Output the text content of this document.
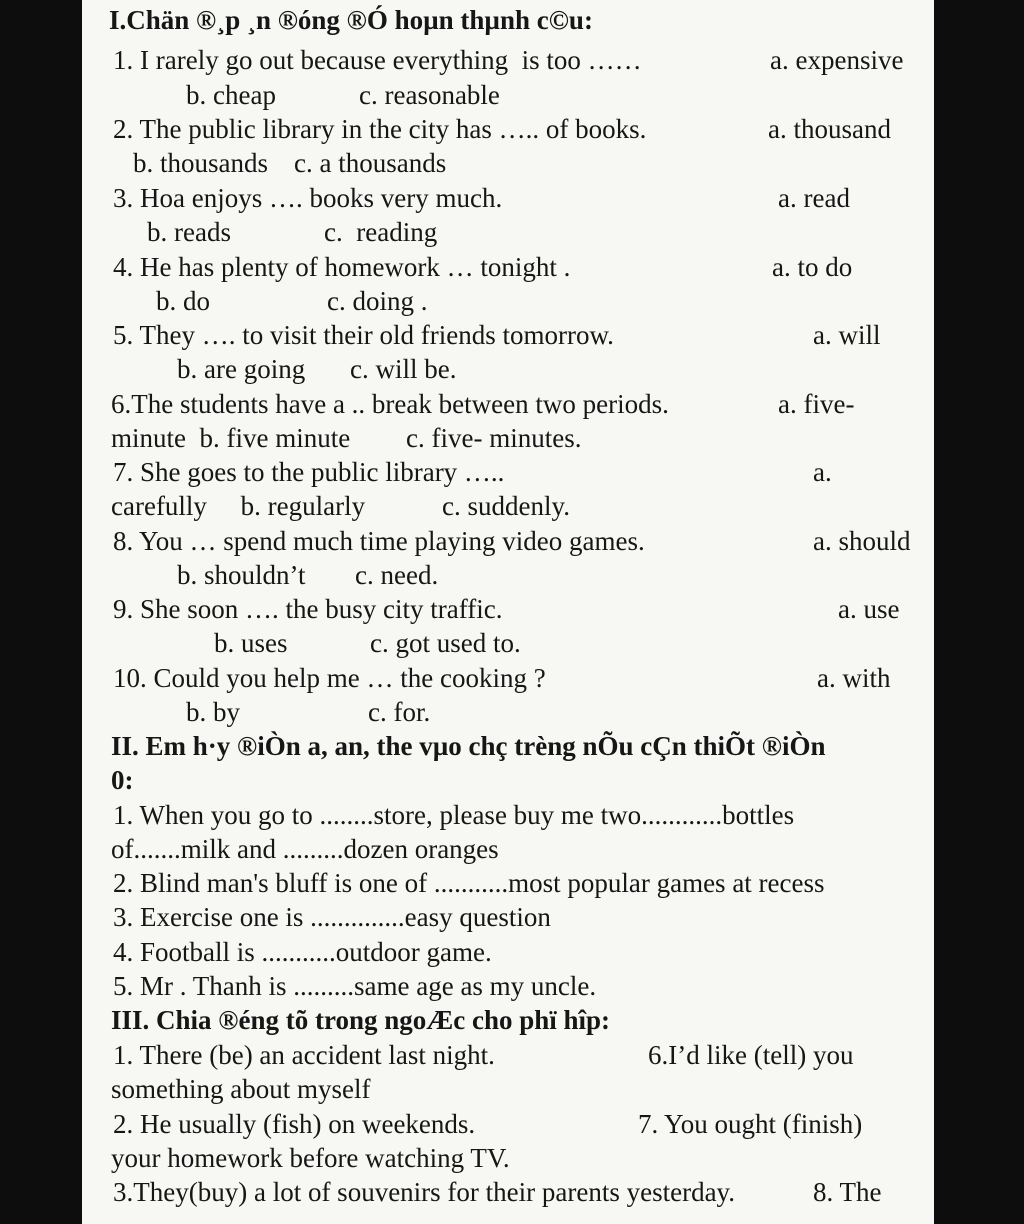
I.Chän ®¸p ¸n ®óng ®Ó hoµn thµnh c©u:
1. I rarely go out because everything  is too ……	a. expensive
b. cheap	c. reasonable
2. The public library in the city has ….. of books.	a. thousand
b. thousands c. a thousands
3. Hoa enjoys …. books very much.	a. read
b. reads	c.  reading
4. He has plenty of homework … tonight .	a. to do
b. do	c. doing .
5. They …. to visit their old friends tomorrow.	a. will
b. are going c. will be.
6.The students have a .. break between two periods.	a. five-
minute  b. five minute c. five- minutes.
7. She goes to the public library …..	a.
carefully     b. regularly	c. suddenly.
8. You … spend much time playing video games.	a. should
b. shouldn’t c. need.
9. She soon …. the busy city traffic.	a. use
b. uses	c. got used to.
10. Could you help me … the cooking ?	a. with
b. by	c. for.
II. Em h·y ®iÒn a, an, the vµo chç trèng nÕu cÇn thiÕt ®iÒn
0:
1. When you go to ........store, please buy me two............bottles
of.......milk and .........dozen oranges
2. Blind man's bluff is one of ...........most popular games at recess
3. Exercise one is ..............easy question
4. Football is ...........outdoor game.
5. Mr . Thanh is .........same age as my uncle.
III. Chia ®éng tõ trong ngoÆc cho phï hîp:
1. There (be) an accident last night.	6.I’d like (tell) you
something about myself
2. He usually (fish) on weekends.	7. You ought (finish)
your homework before watching TV.
3.They(buy) a lot of souvenirs for their parents yesterday.	8. The
